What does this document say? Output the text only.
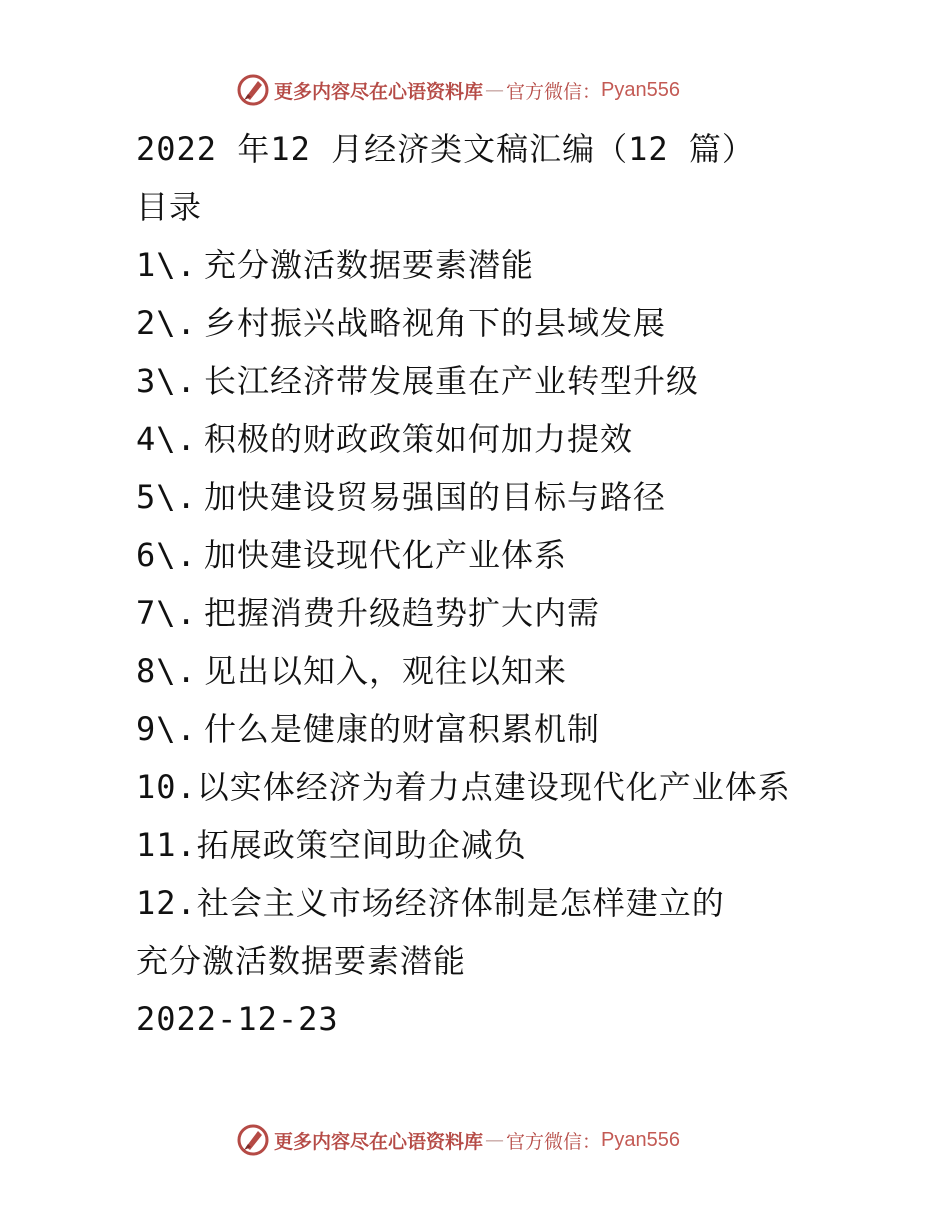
更多内容尽在心语资料库 — 官方微信： Pyan556
2022 年12 月经济类文稿汇编（12 篇）
目录
1\. 充分激活数据要素潜能
2\. 乡村振兴战略视角下的县域发展
3\. 长江经济带发展重在产业转型升级
4\. 积极的财政政策如何加力提效
5\. 加快建设贸易强国的目标与路径
6\. 加快建设现代化产业体系
7\. 把握消费升级趋势扩大内需
8\. 见出以知入，观往以知来
9\. 什么是健康的财富积累机制
10.以实体经济为着力点建设现代化产业体系
11.拓展政策空间助企减负
12.社会主义市场经济体制是怎样建立的
充分激活数据要素潜能
2022-12-23
更多内容尽在心语资料库 — 官方微信： Pyan556
